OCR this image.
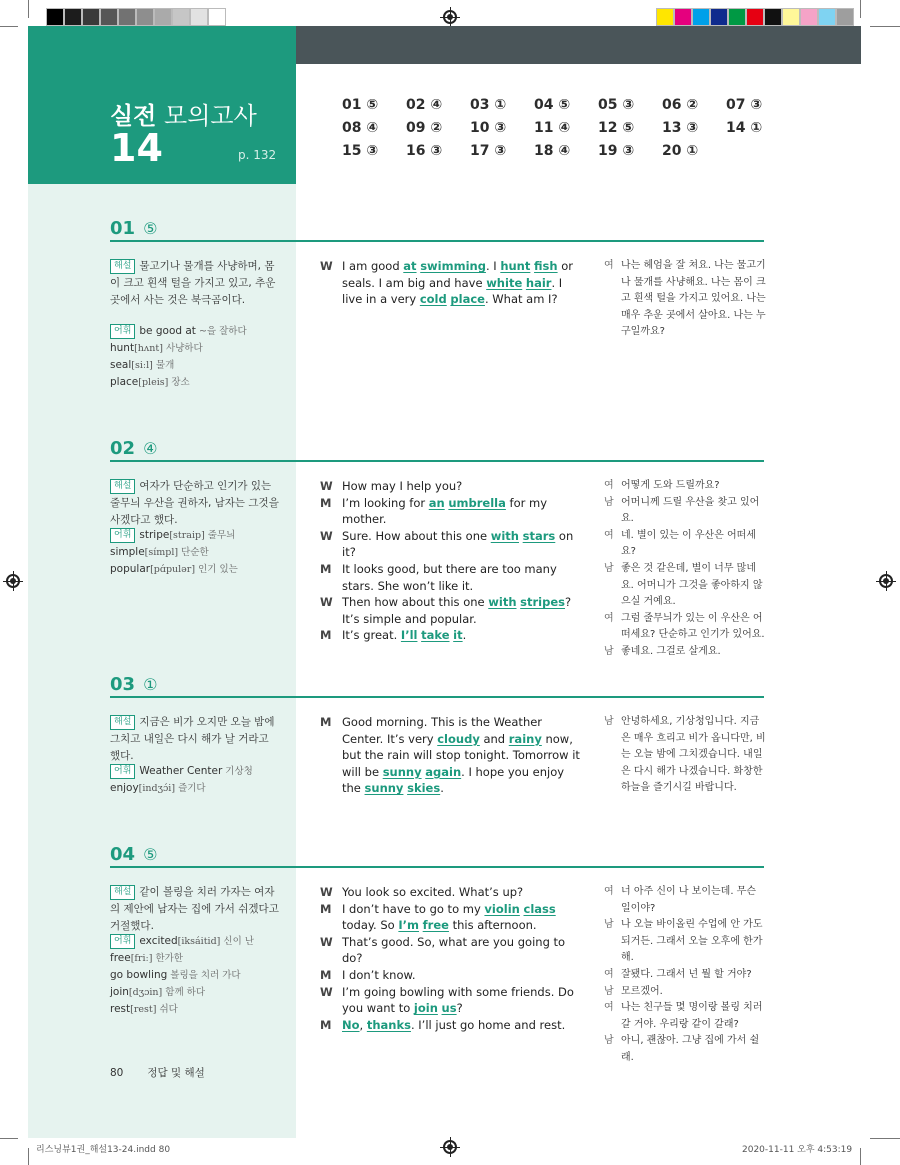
실전 모의고사
14	p. 132
01 ⑤	02 ④	03 ①	04 ⑤	05 ③	06 ②	07 ③
08 ④	09 ②	10 ③	11 ④	12 ⑤	13 ③	14 ①
15 ③	16 ③	17 ③	18 ④	19 ③	20 ①
01 ⑤
해설 물고기나 물개를 사냥하며, 몸이 크고 흰색 털을 가지고 있고, 추운 곳에서 사는 것은 북극곰이다.
어휘 be good at ~을 잘하다
hunt[hʌnt] 사냥하다
seal[siːl] 물개
place[pleis] 장소
W I am good at swimming. I hunt fish or seals. I am big and have white hair. I live in a very cold place. What am I?
여 나는 헤엄을 잘 쳐요. 나는 물고기나 물개를 사냥해요. 나는 몸이 크고 흰색 털을 가지고 있어요. 나는 매우 추운 곳에서 살아요. 나는 누구일까요?
02 ④
해설 여자가 단순하고 인기가 있는 줄무늬 우산을 권하자, 남자는 그것을 사겠다고 했다.
어휘 stripe[straip] 줄무늬
simple[símpl] 단순한
popular[pɑ́pulər] 인기 있는
W How may I help you?
M I’m looking for an umbrella for my mother.
W Sure. How about this one with stars on it?
M It looks good, but there are too many stars. She won’t like it.
W Then how about this one with stripes? It’s simple and popular.
M It’s great. I’ll take it.
여 어떻게 도와 드릴까요?
남 어머니께 드릴 우산을 찾고 있어요.
여 네. 별이 있는 이 우산은 어떠세요?
남 좋은 것 같은데, 별이 너무 많네요. 어머니가 그것을 좋아하지 않으실 거예요.
여 그럼 줄무늬가 있는 이 우산은 어떠세요? 단순하고 인기가 있어요.
남 좋네요. 그걸로 살게요.
03 ①
해설 지금은 비가 오지만 오늘 밤에 그치고 내일은 다시 해가 날 거라고 했다.
어휘 Weather Center 기상청
enjoy[indʒɔ́i] 즐기다
M Good morning. This is the Weather Center. It’s very cloudy and rainy now, but the rain will stop tonight. Tomorrow it will be sunny again. I hope you enjoy the sunny skies.
남 안녕하세요, 기상청입니다. 지금은 매우 흐리고 비가 옵니다만, 비는 오늘 밤에 그치겠습니다. 내일은 다시 해가 나겠습니다. 화창한 하늘을 즐기시길 바랍니다.
04 ⑤
해설 같이 볼링을 치러 가자는 여자의 제안에 남자는 집에 가서 쉬겠다고 거절했다.
어휘 excited[iksáitid] 신이 난
free[friː] 한가한
go bowling 볼링을 치러 가다
join[dʒɔin] 함께 하다
rest[rest] 쉬다
W You look so excited. What’s up?
M I don’t have to go to my violin class today. So I’m free this afternoon.
W That’s good. So, what are you going to do?
M I don’t know.
W I’m going bowling with some friends. Do you want to join us?
M No, thanks. I’ll just go home and rest.
여 너 아주 신이 나 보이는데. 무슨 일이야?
남 나 오늘 바이올린 수업에 안 가도 되거든. 그래서 오늘 오후에 한가해.
여 잘됐다. 그래서 넌 뭘 할 거야?
남 모르겠어.
여 나는 친구들 몇 명이랑 볼링 치러 갈 거야. 우리랑 같이 갈래?
남 아니, 괜찮아. 그냥 집에 가서 쉴래.
80 정답 및 해설
리스닝뷰1권_해설13-24.indd 80	2020-11-11 오후 4:53:19
